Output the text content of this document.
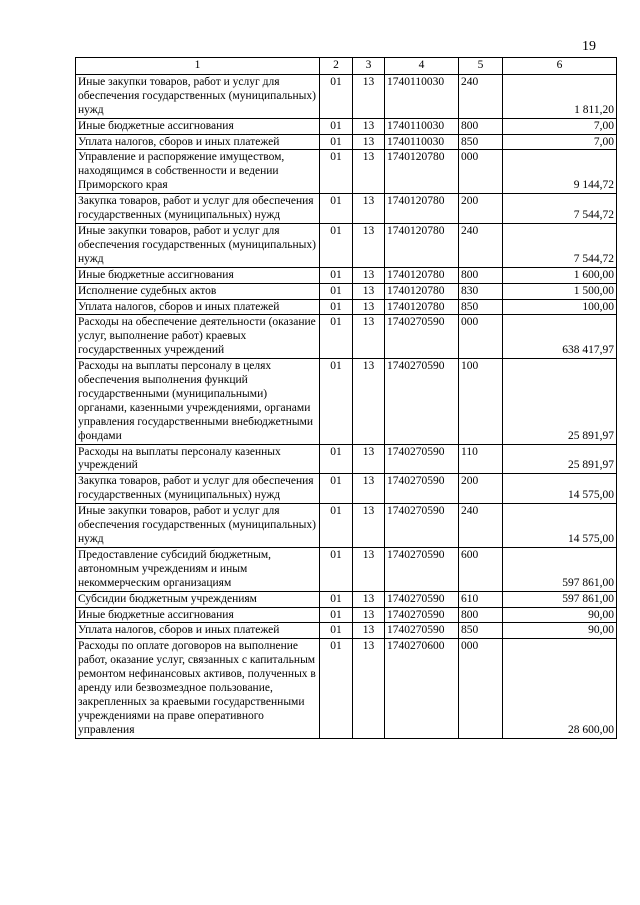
19
1	2	3	4	5	6
Иные закупки товаров, работ и услуг для обеспечения государственных (муниципальных) нужд	01	13	1740110030	240	1 811,20
Иные бюджетные ассигнования	01	13	1740110030	800	7,00
Уплата налогов, сборов и иных платежей	01	13	1740110030	850	7,00
Управление и распоряжение имуществом, находящимся в собственности и ведении Приморского края	01	13	1740120780	000	9 144,72
Закупка товаров, работ и услуг для обеспечения государственных (муниципальных) нужд	01	13	1740120780	200	7 544,72
Иные закупки товаров, работ и услуг для обеспечения государственных (муниципальных) нужд	01	13	1740120780	240	7 544,72
Иные бюджетные ассигнования	01	13	1740120780	800	1 600,00
Исполнение судебных актов	01	13	1740120780	830	1 500,00
Уплата налогов, сборов и иных платежей	01	13	1740120780	850	100,00
Расходы на обеспечение деятельности (оказание услуг, выполнение работ) краевых государственных учреждений	01	13	1740270590	000	638 417,97
Расходы на выплаты персоналу в целях обеспечения выполнения функций государственными (муниципальными) органами, казенными учреждениями, органами управления государственными внебюджетными фондами	01	13	1740270590	100	25 891,97
Расходы на выплаты персоналу казенных учреждений	01	13	1740270590	110	25 891,97
Закупка товаров, работ и услуг для обеспечения государственных (муниципальных) нужд	01	13	1740270590	200	14 575,00
Иные закупки товаров, работ и услуг для обеспечения государственных (муниципальных) нужд	01	13	1740270590	240	14 575,00
Предоставление субсидий бюджетным, автономным учреждениям и иным некоммерческим организациям	01	13	1740270590	600	597 861,00
Субсидии бюджетным учреждениям	01	13	1740270590	610	597 861,00
Иные бюджетные ассигнования	01	13	1740270590	800	90,00
Уплата налогов, сборов и иных платежей	01	13	1740270590	850	90,00
Расходы по оплате договоров на выполнение работ, оказание услуг, связанных с капитальным ремонтом нефинансовых активов, полученных в аренду или безвозмездное пользование, закрепленных за краевыми государственными учреждениями на праве оперативного управления	01	13	1740270600	000	28 600,00
